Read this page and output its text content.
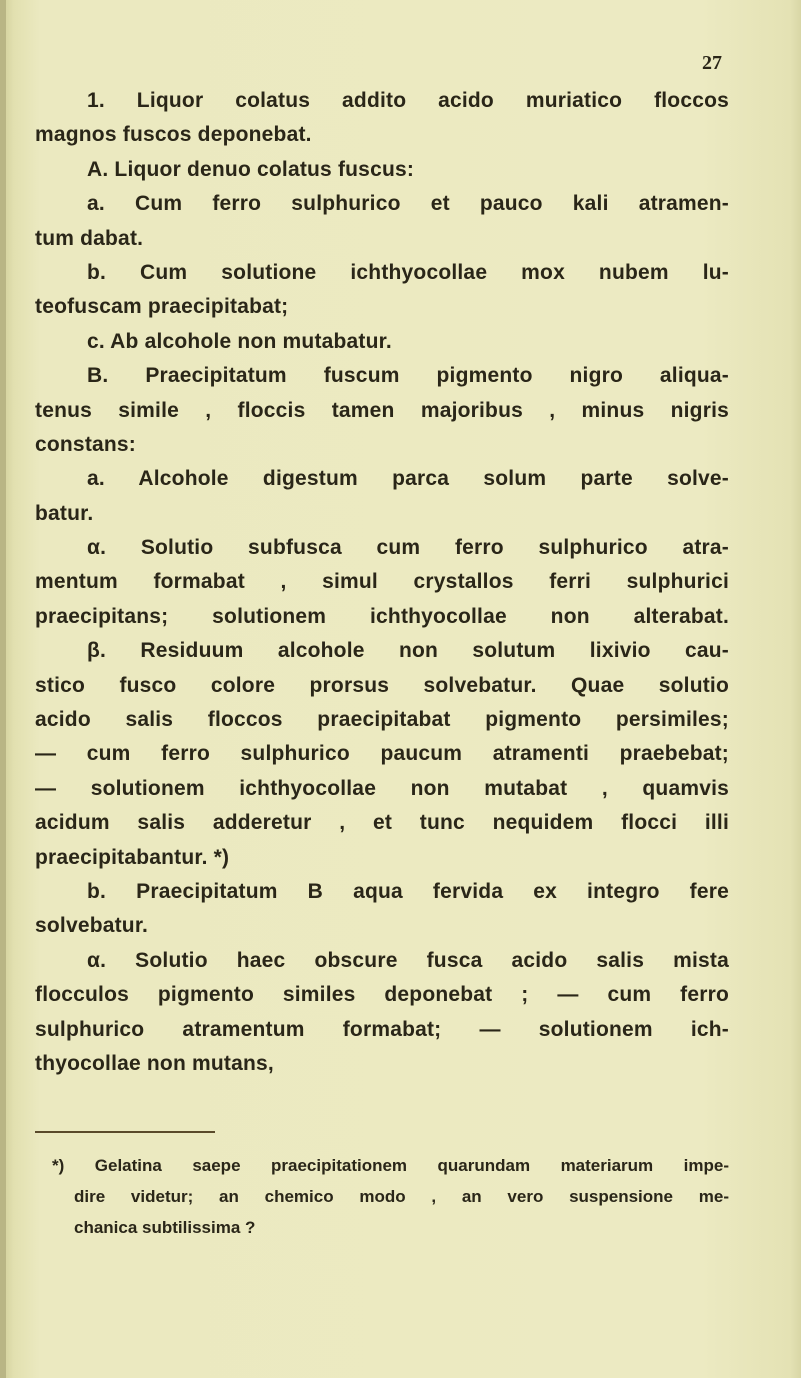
27
1. Liquor colatus addito acido muriatico floccos
magnos fuscos deponebat.
A. Liquor denuo colatus fuscus:
a. Cum ferro sulphurico et pauco kali atramen-
tum dabat.
b. Cum solutione ichthyocollae mox nubem lu-
teofuscam praecipitabat;
c. Ab alcohole non mutabatur.
B. Praecipitatum fuscum pigmento nigro aliqua-
tenus simile , floccis tamen majoribus , minus nigris
constans:
a. Alcohole digestum parca solum parte solve-
batur.
α. Solutio subfusca cum ferro sulphurico atra-
mentum formabat , simul crystallos ferri sulphurici
praecipitans; solutionem ichthyocollae non alterabat.
β. Residuum alcohole non solutum lixivio cau-
stico fusco colore prorsus solvebatur. Quae solutio
acido salis floccos praecipitabat pigmento persimiles;
— cum ferro sulphurico paucum atramenti praebebat;
— solutionem ichthyocollae non mutabat , quamvis
acidum salis adderetur , et tunc nequidem flocci illi
praecipitabantur. *)
b. Praecipitatum B aqua fervida ex integro fere
solvebatur.
α. Solutio haec obscure fusca acido salis mista
flocculos pigmento similes deponebat ; — cum ferro
sulphurico atramentum formabat; — solutionem ich-
thyocollae non mutans,
*) Gelatina saepe praecipitationem quarundam materiarum impe-
dire videtur; an chemico modo , an vero suspensione me-
chanica subtilissima ?
